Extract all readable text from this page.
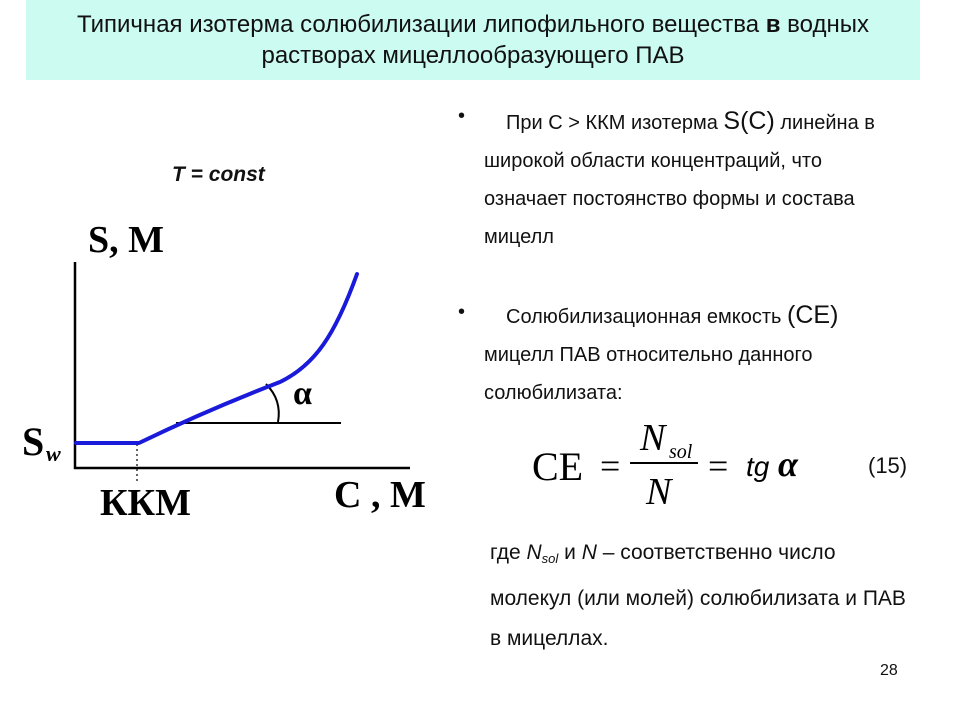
Типичная изотерма солюбилизации липофильного вещества в водных растворах мицеллообразующего ПАВ
T = const
S, M
C , M
S w
ККМ
α
•	При С > ККМ изотерма S(C) линейна в широкой области концентраций, что означает постоянство формы и состава мицелл
•	Солюбилизационная емкость (CE) мицелл ПАВ относительно данного солюбилизата:
CE =
N sol
N
= tg α	(15)
где $N_{sol}$ и N – соответственно число молекул (или молей) солюбилизата и ПАВ в мицеллах.
28
